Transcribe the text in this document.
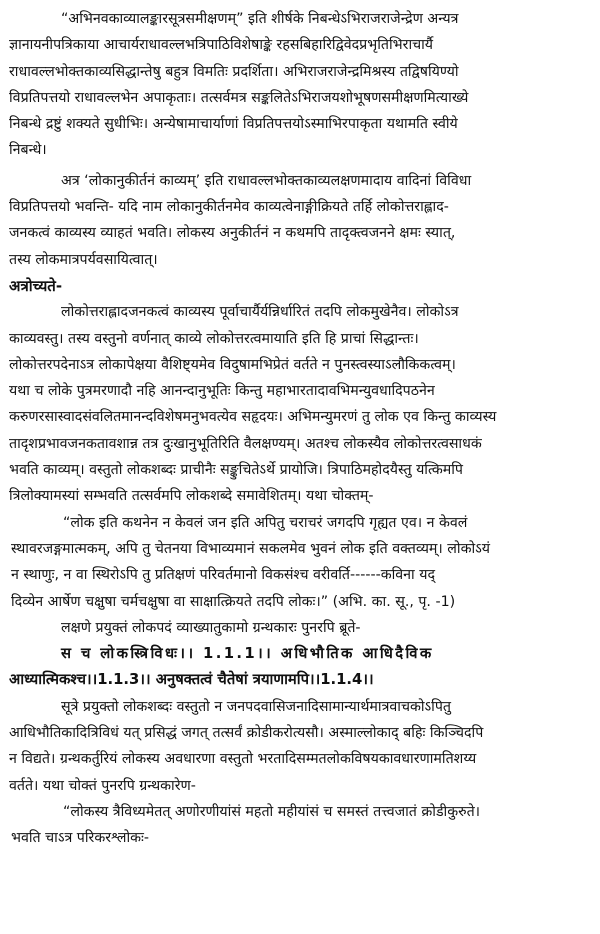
“अभिनवकाव्यालङ्कारसूत्रसमीक्षणम्” इति शीर्षके निबन्धेऽभिराजराजेन्द्रेण अन्यत्र
ज्ञानायनीपत्रिकाया आचार्यराधावल्लभत्रिपाठिविशेषाङ्के रहसबिहारिद्विवेदप्रभृतिभिराचार्यै
राधावल्लभोक्तकाव्यसिद्धान्तेषु बहुत्र विमतिः प्रदर्शिता। अभिराजराजेन्द्रमिश्रस्य तद्विषयिण्यो
विप्रतिपत्तयो राधावल्लभेन अपाकृताः। तत्सर्वमत्र सङ्कलितेऽभिराजयशोभूषणसमीक्षणमित्याख्ये
निबन्धे द्रष्टुं शक्यते सुधीभिः। अन्येषामाचार्याणां विप्रतिपत्तयोऽस्माभिरपाकृता यथामति स्वीये
निबन्धे।

अत्र ‘लोकानुकीर्तनं काव्यम्’ इति राधावल्लभोक्तकाव्यलक्षणमादाय वादिनां विविधा
विप्रतिपत्तयो भवन्ति- यदि नाम लोकानुकीर्तनमेव काव्यत्वेनाङ्गीक्रियते तर्हि लोकोत्तराह्लाद-
जनकत्वं काव्यस्य व्याहतं भवति। लोकस्य अनुकीर्तनं न कथमपि तादृक्त्वजनने क्षमः स्यात्,
तस्य लोकमात्रपर्यवसायित्वात्।

अत्रोच्यते-

लोकोत्तराह्लादजनकत्वं काव्यस्य पूर्वाचार्यैर्यन्निर्धारितं तदपि लोकमुखेनैव। लोकोऽत्र
काव्यवस्तु। तस्य वस्तुनो वर्णनात् काव्ये लोकोत्तरत्वमायाति इति हि प्राचां सिद्धान्तः।
लोकोत्तरपदेनाऽत्र लोकापेक्षया वैशिष्ट्यमेव विदुषामभिप्रेतं वर्तते न पुनस्त्वस्याऽलौकिकत्वम्।
यथा च लोके पुत्रमरणादौ नहि आनन्दानुभूतिः किन्तु महाभारतादावभिमन्युवधादिपठनेन
करुणरसास्वादसंवलितमानन्दविशेषमनुभवत्येव सहृदयः। अभिमन्युमरणं तु लोक एव किन्तु काव्यस्य
तादृशप्रभावजनकतावशान्न तत्र दुःखानुभूतिरिति वैलक्षण्यम्। अतश्च लोकस्यैव लोकोत्तरत्वसाधकं
भवति काव्यम्। वस्तुतो लोकशब्दः प्राचीनैः सङ्कुचितेऽर्थे प्रायोजि। त्रिपाठिमहोदयैस्तु यत्किमपि
त्रिलोक्यामस्यां सम्भवति तत्सर्वमपि लोकशब्दे समावेशितम्। यथा चोक्तम्-

“लोक इति कथनेन न केवलं जन इति अपितु चराचरं जगदपि गृह्यत एव। न केवलं
स्थावरजङ्गमात्मकम्, अपि तु चेतनया विभाव्यमानं सकलमेव भुवनं लोक इति वक्तव्यम्। लोकोऽयं
न स्थाणुः, न वा स्थिरोऽपि तु प्रतिक्षणं परिवर्तमानो विकसंश्च वरीवर्ति------कविना यद्
दिव्येन आर्षेण चक्षुषा चर्मचक्षुषा वा साक्षात्क्रियते तदपि लोकः।” (अभि. का. सू., पृ. -1)

लक्षणे प्रयुक्तं लोकपदं व्याख्यातुकामो ग्रन्थकारः पुनरपि ब्रूते-

स च लोकस्त्रिविधः।। 1.1.1।। अधिभौतिक आधिदैविक
आध्यात्मिकश्च।।1.1.3।। अनुषक्तत्वं चैतेषां त्रयाणामपि।।1.1.4।।

सूत्रे प्रयुक्तो लोकशब्दः वस्तुतो न जनपदवासिजनादिसामान्यार्थमात्रवाचकोऽपितु
आधिभौतिकादित्रिविधं यत् प्रसिद्धं जगत् तत्सर्वं क्रोडीकरोत्यसौ। अस्माल्लोकाद् बहिः किञ्चिदपि
न विद्यते। ग्रन्थकर्तुरियं लोकस्य अवधारणा वस्तुतो भरतादिसम्मतलोकविषयकावधारणामतिशय्य
वर्तते। यथा चोक्तं पुनरपि ग्रन्थकारेण-

“लोकस्य त्रैविध्यमेतत् अणोरणीयांसं महतो महीयांसं च समस्तं तत्त्वजातं क्रोडीकुरुते।
भवति चाऽत्र परिकरश्लोकः-
